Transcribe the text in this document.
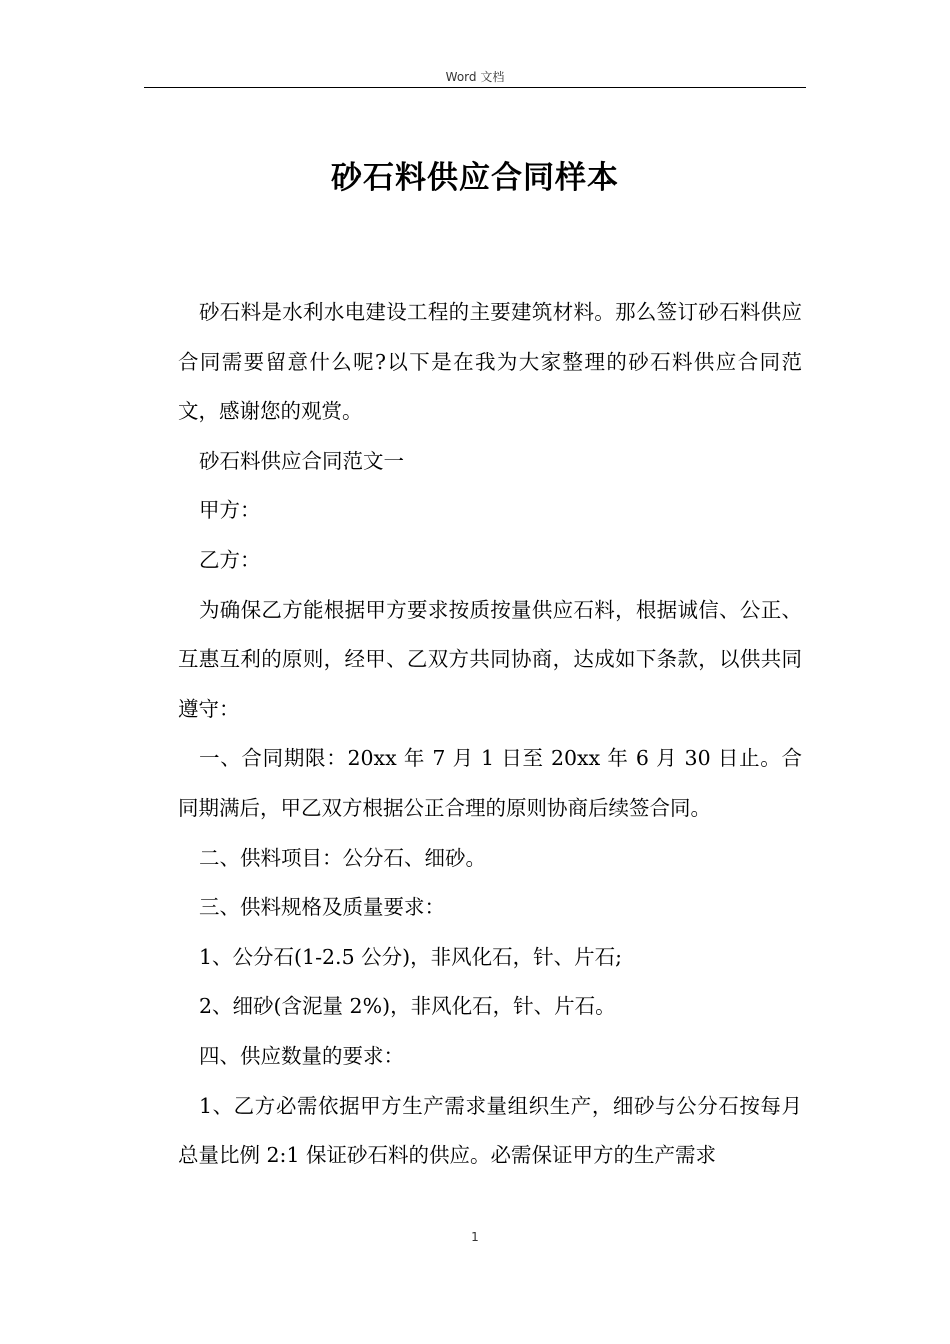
Word 文档
砂石料供应合同样本

砂石料是水利水电建设工程的主要建筑材料。那么签订砂石料供应合同需要留意什么呢?以下是在我为大家整理的砂石料供应合同范文，感谢您的观赏。

砂石料供应合同范文一

甲方：

乙方：

为确保乙方能根据甲方要求按质按量供应石料，根据诚信、公正、互惠互利的原则，经甲、乙双方共同协商，达成如下条款，以供共同遵守：

一、合同期限：20xx 年 7 月 1 日至 20xx 年 6 月 30 日止。合同期满后，甲乙双方根据公正合理的原则协商后续签合同。

二、供料项目：公分石、细砂。

三、供料规格及质量要求：

1、公分石(1-2.5 公分)，非风化石，针、片石;

2、细砂(含泥量 2%)，非风化石，针、片石。

四、供应数量的要求：

1、乙方必需依据甲方生产需求量组织生产，细砂与公分石按每月总量比例 2:1 保证砂石料的供应。必需保证甲方的生产需求

1
